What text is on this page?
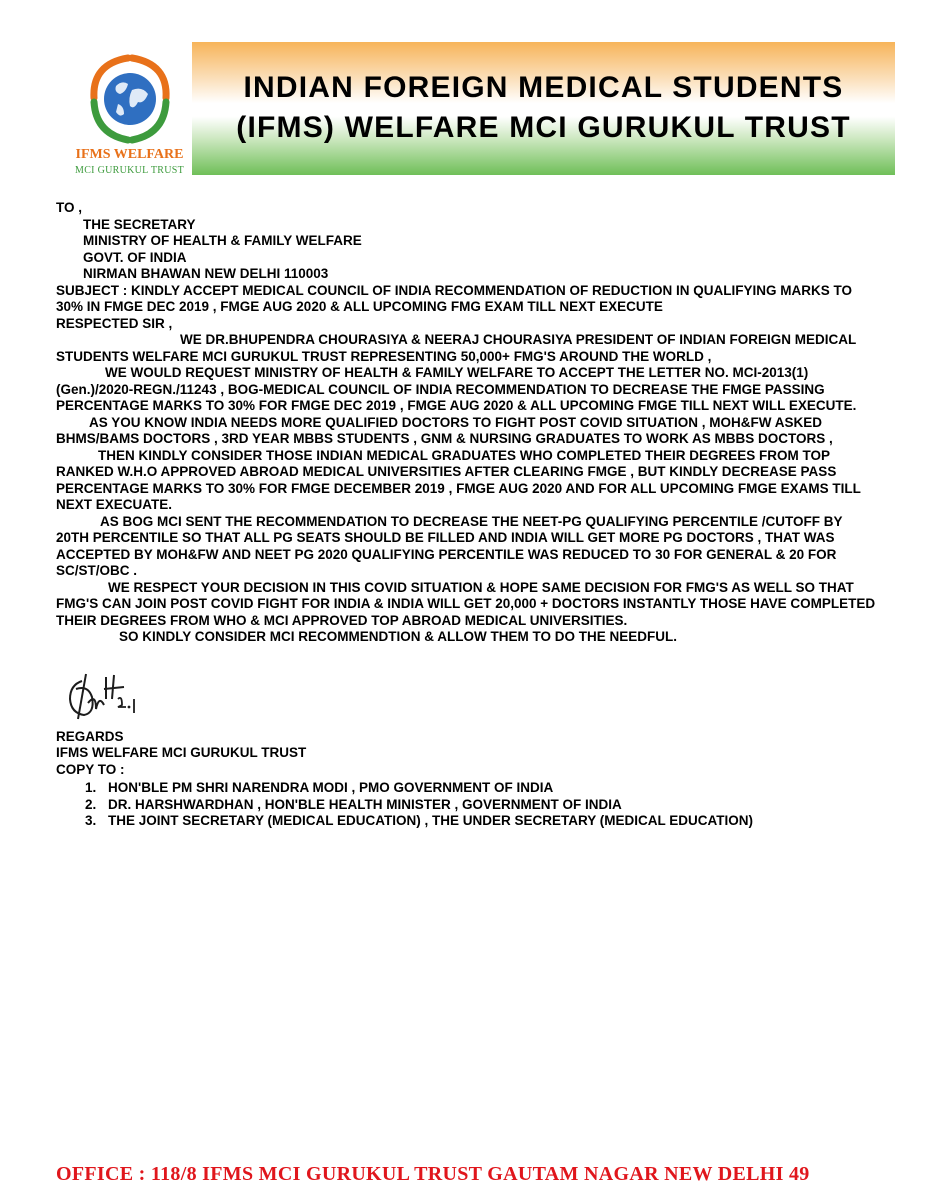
IFMS WELFARE
MCI GURUKUL TRUST
INDIAN FOREIGN MEDICAL STUDENTS
(IFMS) WELFARE MCI GURUKUL TRUST

TO ,

THE SECRETARY

MINISTRY OF HEALTH & FAMILY WELFARE

GOVT. OF INDIA

NIRMAN BHAWAN NEW DELHI 110003

SUBJECT : KINDLY ACCEPT MEDICAL COUNCIL OF INDIA RECOMMENDATION OF REDUCTION IN QUALIFYING MARKS TO 30% IN FMGE DEC 2019 , FMGE AUG 2020 & ALL UPCOMING FMG EXAM TILL NEXT EXECUTE

RESPECTED SIR ,

WE DR.BHUPENDRA CHOURASIYA & NEERAJ CHOURASIYA PRESIDENT OF INDIAN FOREIGN MEDICAL STUDENTS WELFARE MCI GURUKUL TRUST REPRESENTING 50,000+ FMG'S AROUND THE WORLD ,

WE WOULD REQUEST MINISTRY OF HEALTH & FAMILY WELFARE TO ACCEPT THE LETTER NO. MCI-2013(1)(Gen.)/2020-REGN./11243 , BOG-MEDICAL COUNCIL OF INDIA RECOMMENDATION TO DECREASE THE FMGE PASSING PERCENTAGE MARKS TO 30% FOR FMGE DEC 2019 , FMGE AUG 2020 & ALL UPCOMING FMGE TILL NEXT WILL EXECUTE.

AS YOU KNOW INDIA NEEDS MORE QUALIFIED DOCTORS TO FIGHT POST COVID SITUATION , MOH&FW ASKED BHMS/BAMS DOCTORS , 3RD YEAR MBBS STUDENTS , GNM & NURSING GRADUATES TO WORK AS MBBS DOCTORS ,

THEN KINDLY CONSIDER THOSE INDIAN MEDICAL GRADUATES WHO COMPLETED THEIR DEGREES FROM TOP RANKED W.H.O APPROVED ABROAD MEDICAL UNIVERSITIES AFTER CLEARING FMGE , BUT KINDLY DECREASE PASS PERCENTAGE MARKS TO 30% FOR FMGE DECEMBER 2019 , FMGE AUG 2020 AND FOR ALL UPCOMING FMGE EXAMS TILL NEXT EXECUATE.

AS BOG MCI SENT THE RECOMMENDATION TO DECREASE THE NEET-PG QUALIFYING PERCENTILE /CUTOFF BY 20TH PERCENTILE SO THAT ALL PG SEATS SHOULD BE FILLED AND INDIA WILL GET MORE PG DOCTORS , THAT WAS ACCEPTED BY MOH&FW AND NEET PG 2020 QUALIFYING PERCENTILE WAS REDUCED TO 30 FOR GENERAL & 20 FOR SC/ST/OBC .

WE RESPECT YOUR DECISION IN THIS COVID SITUATION & HOPE SAME DECISION FOR FMG'S AS WELL SO THAT FMG'S CAN JOIN POST COVID FIGHT FOR INDIA & INDIA WILL GET 20,000 + DOCTORS INSTANTLY THOSE HAVE COMPLETED THEIR DEGREES FROM WHO & MCI APPROVED TOP ABROAD MEDICAL UNIVERSITIES.

SO KINDLY CONSIDER MCI RECOMMENDTION & ALLOW THEM TO DO THE NEEDFUL.

REGARDS

IFMS WELFARE MCI GURUKUL TRUST

COPY TO :

1. HON'BLE PM SHRI NARENDRA MODI , PMO GOVERNMENT OF INDIA
2. DR. HARSHWARDHAN , HON'BLE HEALTH MINISTER , GOVERNMENT OF INDIA
3. THE JOINT SECRETARY (MEDICAL EDUCATION) , THE UNDER SECRETARY (MEDICAL EDUCATION)
OFFICE : 118/8 IFMS MCI GURUKUL TRUST GAUTAM NAGAR NEW DELHI 49
